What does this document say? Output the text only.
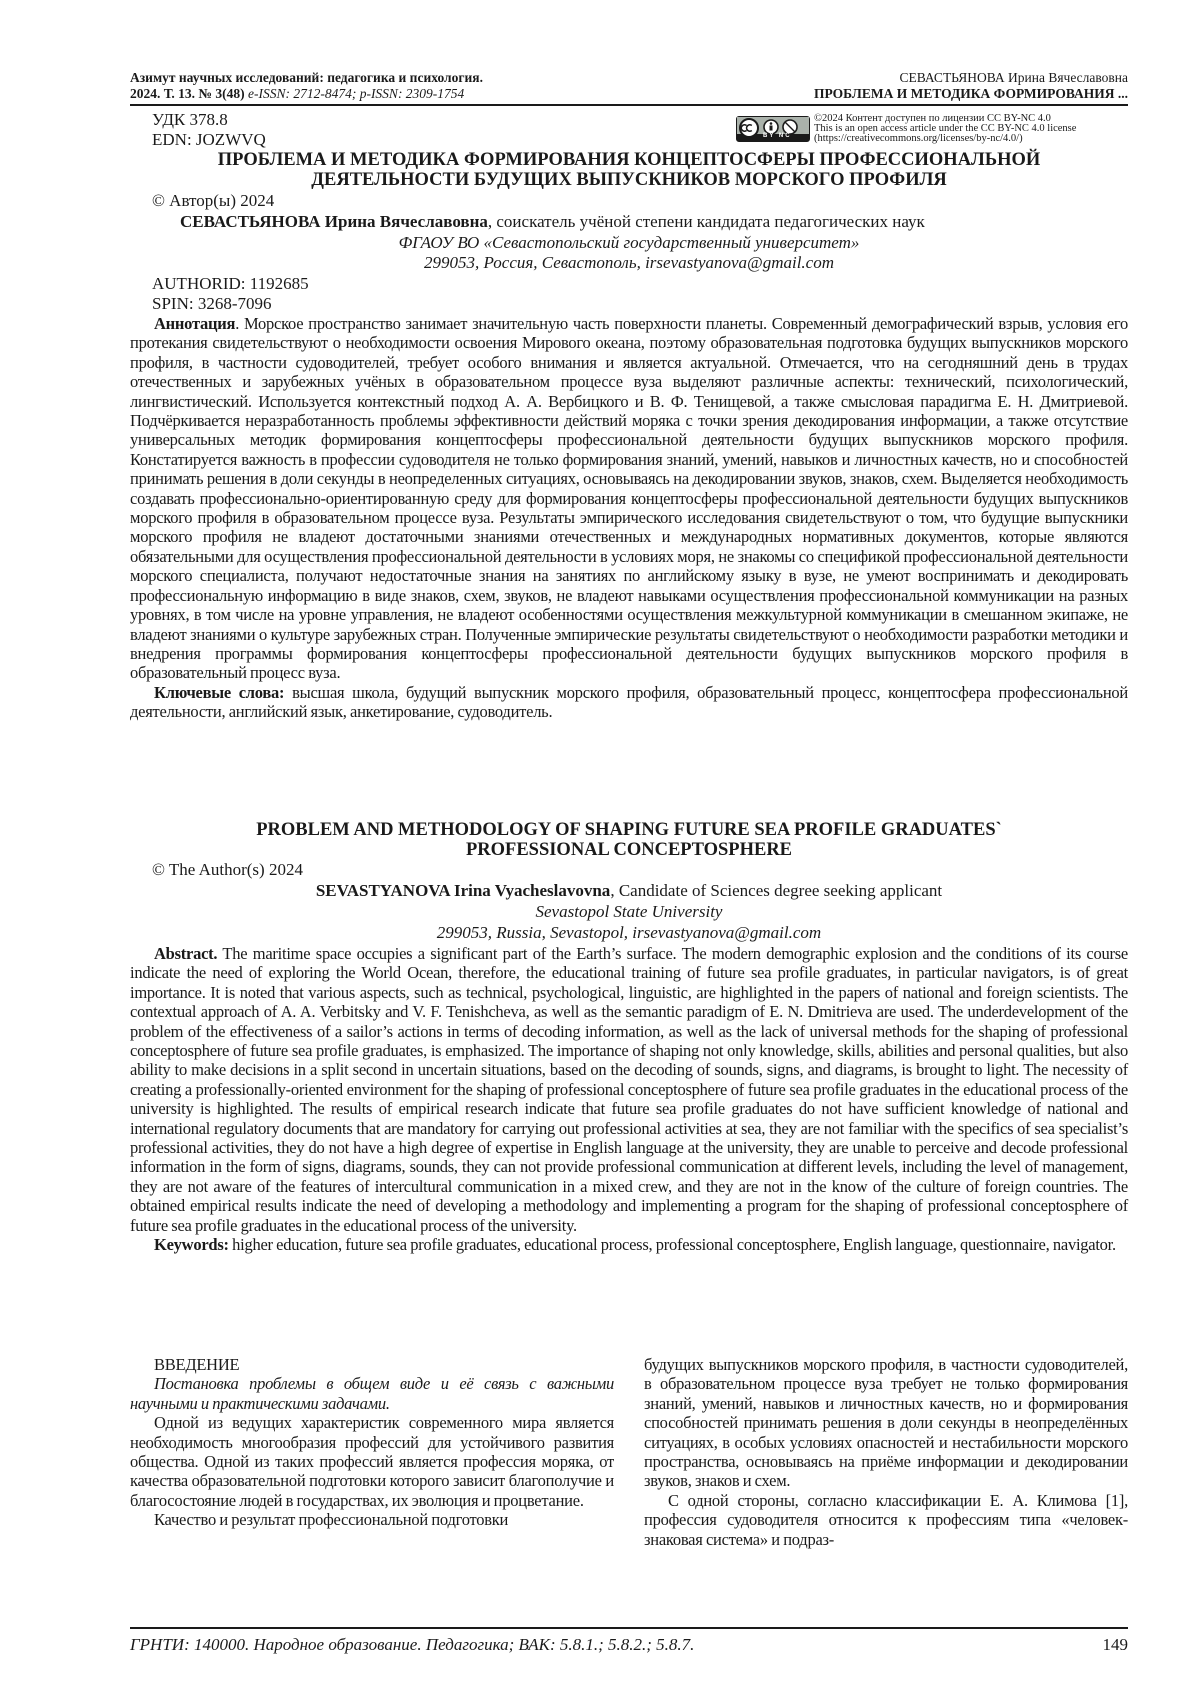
Азимут научных исследований: педагогика и психология.
2024. Т. 13. № 3(48) e-ISSN: 2712-8474; p-ISSN: 2309-1754
СЕВАСТЬЯНОВА Ирина Вячеславовна
ПРОБЛЕМА И МЕТОДИКА ФОРМИРОВАНИЯ ...
УДК 378.8
EDN: JOZWVQ	BY NC
©2024 Контент доступен по лицензии CC BY-NC 4.0
This is an open access article under the CC BY-NC 4.0 license
(https://creativecommons.org/licenses/by-nc/4.0/)
ПРОБЛЕМА И МЕТОДИКА ФОРМИРОВАНИЯ КОНЦЕПТОСФЕРЫ ПРОФЕССИОНАЛЬНОЙ
ДЕЯТЕЛЬНОСТИ БУДУЩИХ ВЫПУСКНИКОВ МОРСКОГО ПРОФИЛЯ
© Автор(ы) 2024
СЕВАСТЬЯНОВА Ирина Вячеславовна, соискатель учёной степени кандидата педагогических наук
ФГАОУ ВО «Севастопольский государственный университет»
299053, Россия, Севастополь, irsevastyanova@gmail.com
AUTHORID: 1192685
SPIN: 3268-7096

Аннотация. Морское пространство занимает значительную часть поверхности планеты. Современный демографический взрыв, условия его протекания свидетельствуют о необходимости освоения Мирового океана, поэтому образовательная подготовка будущих выпускников морского профиля, в частности судоводителей, требует особого внимания и является актуальной. Отмечается, что на сегодняшний день в трудах отечественных и зарубежных учёных в образовательном процессе вуза выделяют различные аспекты: технический, психологический, лингвистический. Используется контекстный подход А. А. Вербицкого и В. Ф. Тенищевой, а также смысловая парадигма Е. Н. Дмитриевой. Подчёркивается неразработанность проблемы эффективности действий моряка с точки зрения декодирования информации, а также отсутствие универсальных методик формирования концептосферы профессиональной деятельности будущих выпускников морского профиля. Констатируется важность в профессии судоводителя не только формирования знаний, умений, навыков и личностных качеств, но и способностей принимать решения в доли секунды в неопределенных ситуациях, основываясь на декодировании звуков, знаков, схем. Выделяется необходимость создавать профессионально-ориентированную среду для формирования концептосферы профессиональной деятельности будущих выпускников морского профиля в образовательном процессе вуза. Результаты эмпирического исследования свидетельствуют о том, что будущие выпускники морского профиля не владеют достаточными знаниями отечественных и международных нормативных документов, которые являются обязательными для осуществления профессиональной деятельности в условиях моря, не знакомы со спецификой профессиональной деятельности морского специалиста, получают недостаточные знания на занятиях по английскому языку в вузе, не умеют воспринимать и декодировать профессиональную информацию в виде знаков, схем, звуков, не владеют навыками осуществления профессиональной коммуникации на разных уровнях, в том числе на уровне управления, не владеют особенностями осуществления межкультурной коммуникации в смешанном экипаже, не владеют знаниями о культуре зарубежных стран. Полученные эмпирические результаты свидетельствуют о необходимости разработки методики и внедрения программы формирования концептосферы профессиональной деятельности будущих выпускников морского профиля в образовательный процесс вуза.

Ключевые слова: высшая школа, будущий выпускник морского профиля, образовательный процесс, концептосфера профессиональной деятельности, английский язык, анкетирование, судоводитель.

PROBLEM AND METHODOLOGY OF SHAPING FUTURE SEA PROFILE GRADUATES`
PROFESSIONAL CONCEPTOSPHERE
© The Author(s) 2024
SEVASTYANOVA Irina Vyacheslavovna, Candidate of Sciences degree seeking applicant
Sevastopol State University
299053, Russia, Sevastopol, irsevastyanova@gmail.com

Abstract. The maritime space occupies a significant part of the Earth’s surface. The modern demographic explosion and the conditions of its course indicate the need of exploring the World Ocean, therefore, the educational training of future sea profile graduates, in particular navigators, is of great importance. It is noted that various aspects, such as technical, psychological, linguistic, are highlighted in the papers of national and foreign scientists. The contextual approach of A. A. Verbitsky and V. F. Tenishcheva, as well as the semantic paradigm of E. N. Dmitrieva are used. The underdevelopment of the problem of the effectiveness of a sailor’s actions in terms of decoding information, as well as the lack of universal methods for the shaping of professional conceptosphere of future sea profile graduates, is emphasized. The importance of shaping not only knowledge, skills, abilities and personal qualities, but also ability to make decisions in a split second in uncertain situations, based on the decoding of sounds, signs, and diagrams, is brought to light. The necessity of creating a professionally-oriented environment for the shaping of professional conceptosphere of future sea profile graduates in the educational process of the university is highlighted. The results of empirical research indicate that future sea profile graduates do not have sufficient knowledge of national and international regulatory documents that are mandatory for carrying out professional activities at sea, they are not familiar with the specifics of sea specialist’s professional activities, they do not have a high degree of expertise in English language at the university, they are unable to perceive and decode professional information in the form of signs, diagrams, sounds, they can not provide professional communication at different levels, including the level of management, they are not aware of the features of intercultural communication in a mixed crew, and they are not in the know of the culture of foreign countries. The obtained empirical results indicate the need of developing a methodology and implementing a program for the shaping of professional conceptosphere of future sea profile graduates in the educational process of the university.

Keywords: higher education, future sea profile graduates, educational process, professional conceptosphere, English language, questionnaire, navigator.

ВВЕДЕНИЕ

Постановка проблемы в общем виде и её связь с важными научными и практическими задачами.

Одной из ведущих характеристик современного мира является необходимость многообразия профессий для устойчивого развития общества. Одной из таких профессий является профессия моряка, от качества образовательной подготовки которого зависит благополучие и благосостояние людей в государствах, их эволюция и процветание.

Качество и результат профессиональной подготовки

будущих выпускников морского профиля, в частности судоводителей, в образовательном процессе вуза требует не только формирования знаний, умений, навыков и личностных качеств, но и формирования способностей принимать решения в доли секунды в неопределённых ситуациях, в особых условиях опасностей и нестабильности морского пространства, основываясь на приёме информации и декодировании звуков, знаков и схем.

С одной стороны, согласно классификации Е. А. Климова [1], профессия судоводителя относится к профессиям типа «человек-знаковая система» и подраз-

ГРНТИ: 140000. Народное образование. Педагогика; ВАК: 5.8.1.; 5.8.2.; 5.8.7.	149
